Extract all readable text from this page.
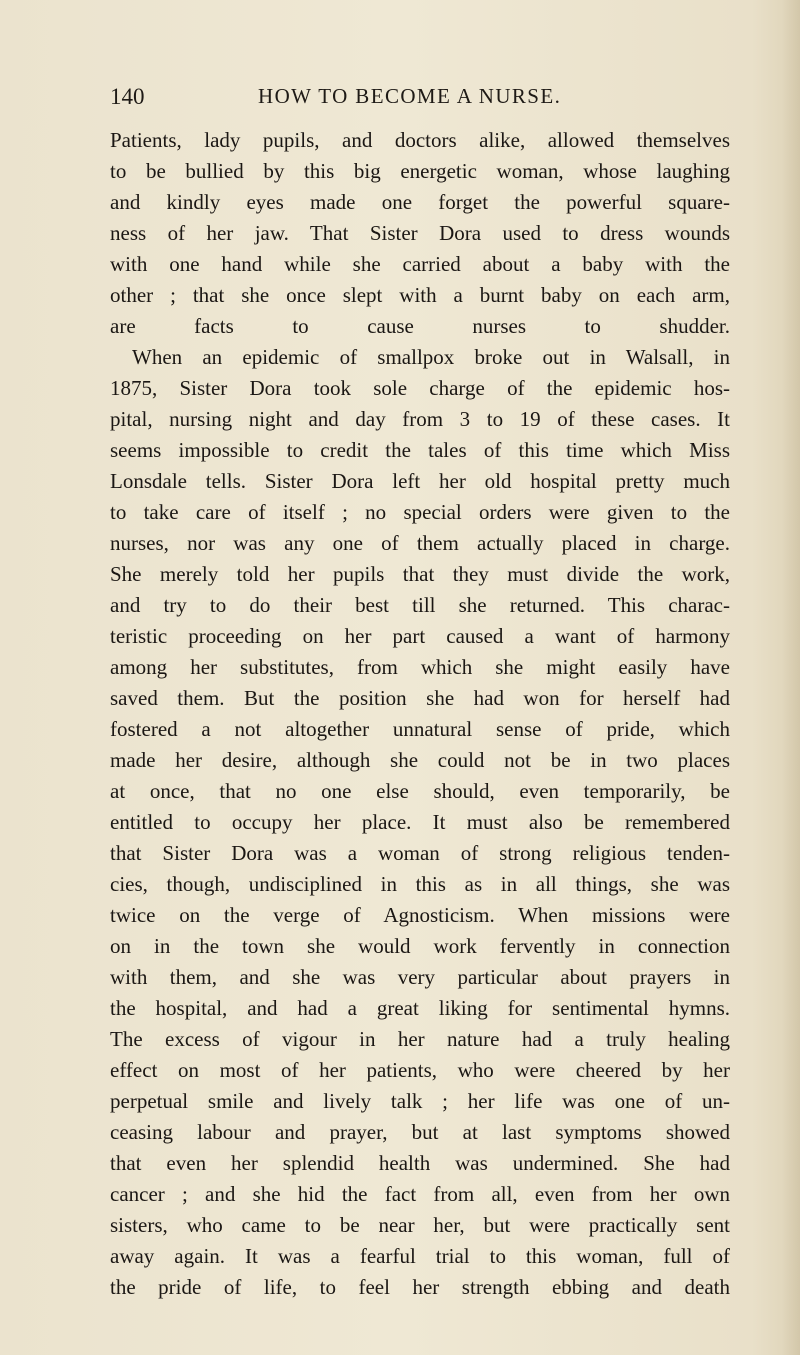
140	HOW TO BECOME A NURSE.
Patients, lady pupils, and doctors alike, allowed themselves
to be bullied by this big energetic woman, whose laughing
and kindly eyes made one forget the powerful square-
ness of her jaw. That Sister Dora used to dress wounds
with one hand while she carried about a baby with the
other ; that she once slept with a burnt baby on each arm,
are facts to cause nurses to shudder.
When an epidemic of smallpox broke out in Walsall, in
1875, Sister Dora took sole charge of the epidemic hos-
pital, nursing night and day from 3 to 19 of these cases. It
seems impossible to credit the tales of this time which Miss
Lonsdale tells. Sister Dora left her old hospital pretty much
to take care of itself ; no special orders were given to the
nurses, nor was any one of them actually placed in charge.
She merely told her pupils that they must divide the work,
and try to do their best till she returned. This charac-
teristic proceeding on her part caused a want of harmony
among her substitutes, from which she might easily have
saved them. But the position she had won for herself had
fostered a not altogether unnatural sense of pride, which
made her desire, although she could not be in two places
at once, that no one else should, even temporarily, be
entitled to occupy her place. It must also be remembered
that Sister Dora was a woman of strong religious tenden-
cies, though, undisciplined in this as in all things, she was
twice on the verge of Agnosticism. When missions were
on in the town she would work fervently in connection
with them, and she was very particular about prayers in
the hospital, and had a great liking for sentimental hymns.
The excess of vigour in her nature had a truly healing
effect on most of her patients, who were cheered by her
perpetual smile and lively talk ; her life was one of un-
ceasing labour and prayer, but at last symptoms showed
that even her splendid health was undermined. She had
cancer ; and she hid the fact from all, even from her own
sisters, who came to be near her, but were practically sent
away again. It was a fearful trial to this woman, full of
the pride of life, to feel her strength ebbing and death
